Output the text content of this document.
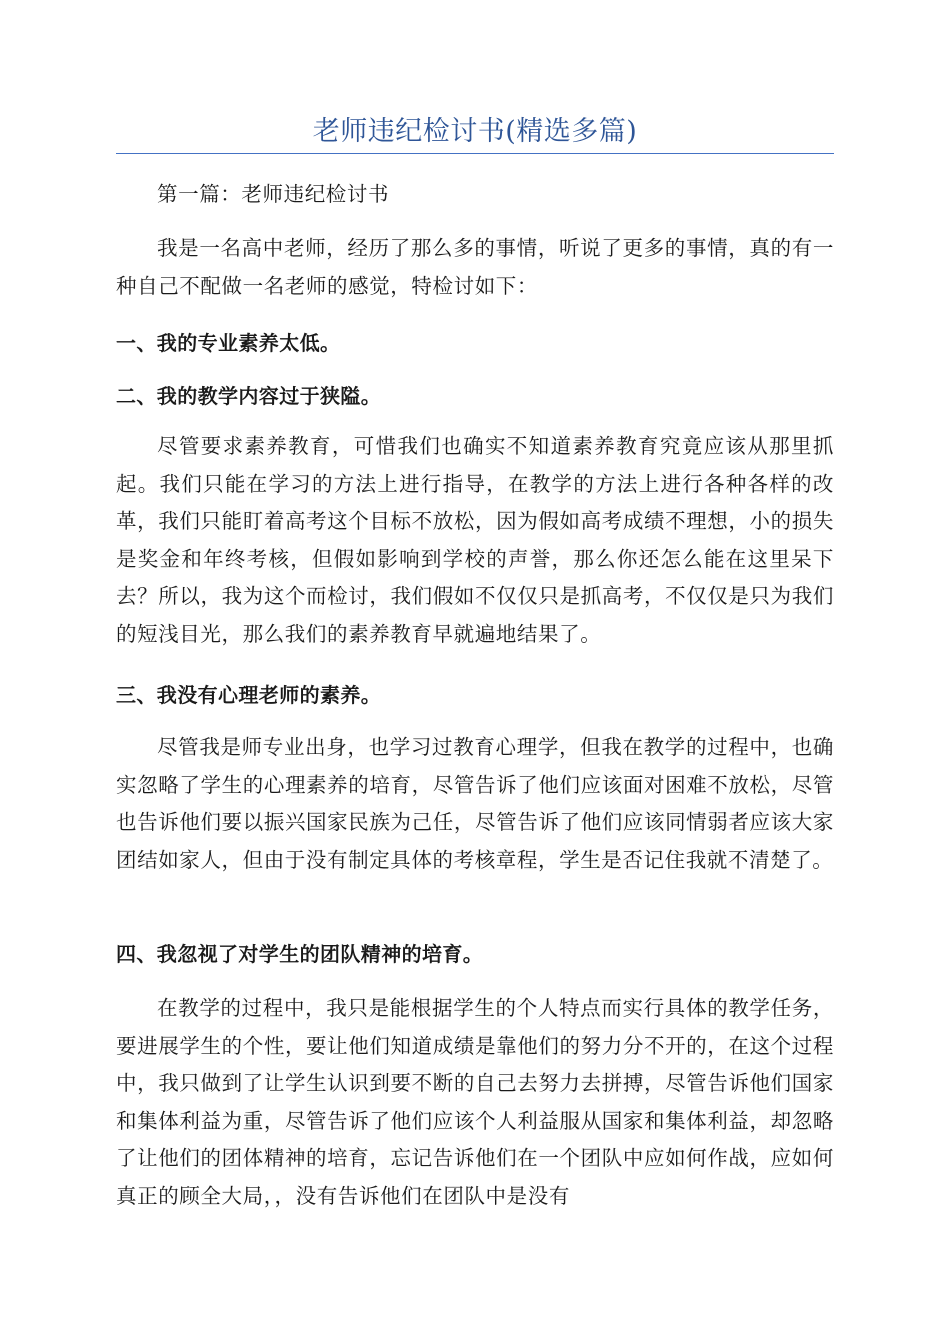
老师违纪检讨书(精选多篇)

第一篇：老师违纪检讨书

我是一名高中老师，经历了那么多的事情，听说了更多的事情，真的有一种自己不配做一名老师的感觉，特检讨如下：

一、我的专业素养太低。

二、我的教学内容过于狭隘。

尽管要求素养教育，可惜我们也确实不知道素养教育究竟应该从那里抓起。我们只能在学习的方法上进行指导，在教学的方法上进行各种各样的改革，我们只能盯着高考这个目标不放松，因为假如高考成绩不理想，小的损失是奖金和年终考核，但假如影响到学校的声誉，那么你还怎么能在这里呆下去？所以，我为这个而检讨，我们假如不仅仅只是抓高考，不仅仅是只为我们的短浅目光，那么我们的素养教育早就遍地结果了。

三、我没有心理老师的素养。

尽管我是师专业出身，也学习过教育心理学，但我在教学的过程中，也确实忽略了学生的心理素养的培育，尽管告诉了他们应该面对困难不放松，尽管也告诉他们要以振兴国家民族为己任，尽管告诉了他们应该同情弱者应该大家团结如家人，但由于没有制定具体的考核章程，学生是否记住我就不清楚了。

四、我忽视了对学生的团队精神的培育。

在教学的过程中，我只是能根据学生的个人特点而实行具体的教学任务，要进展学生的个性，要让他们知道成绩是靠他们的努力分不开的，在这个过程中，我只做到了让学生认识到要不断的自己去努力去拼搏，尽管告诉他们国家和集体利益为重，尽管告诉了他们应该个人利益服从国家和集体利益，却忽略了让他们的团体精神的培育，忘记告诉他们在一个团队中应如何作战，应如何真正的顾全大局，，没有告诉他们在团队中是没有
